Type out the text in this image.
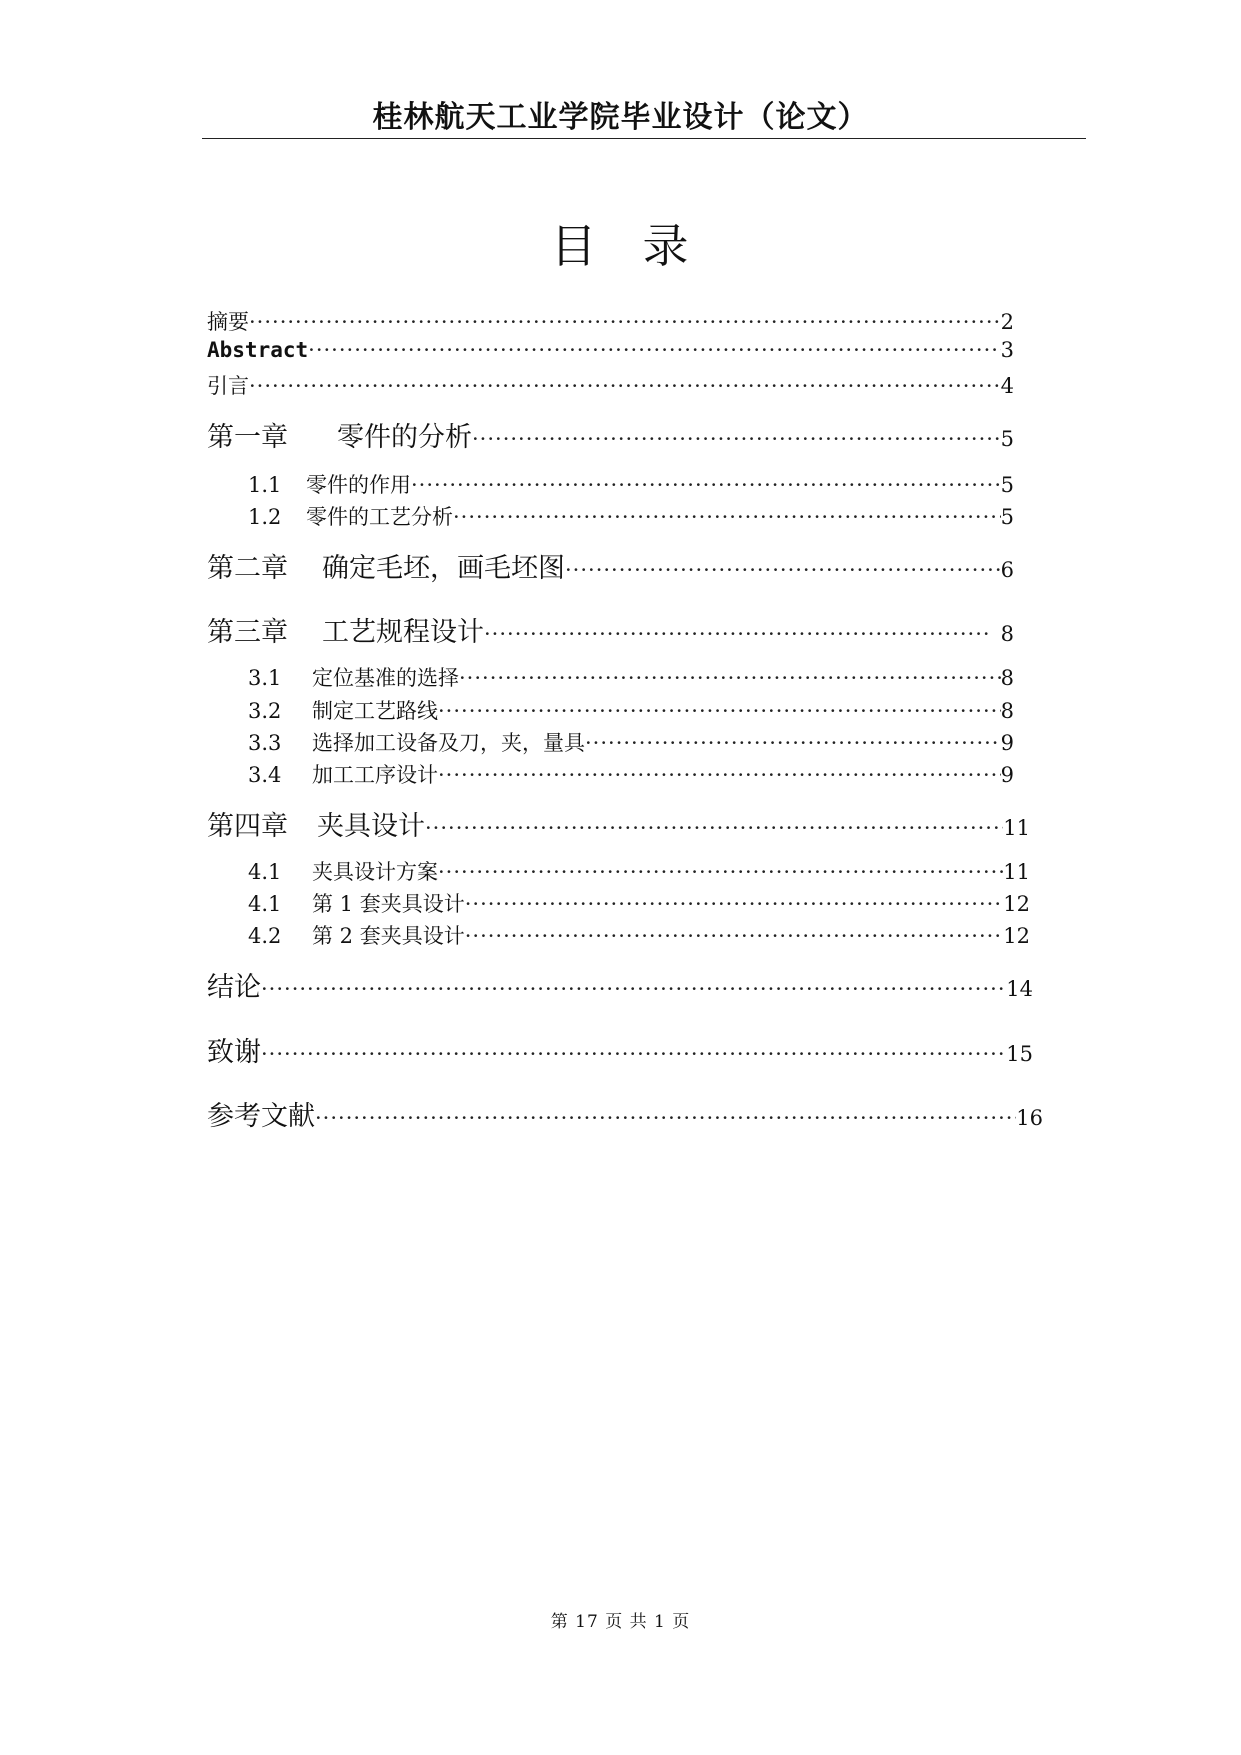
桂林航天工业学院毕业设计（论文）
目 录
摘要 ·····	2
Abstract ·····	3
引言 ·····	4
第一章	零件的分析 ·····	5
1.1	零件的作用 ·····	5
1.2	零件的工艺分析 ·····	5
第二章	确定毛坯，画毛坯图 ·····	6
第三章	工艺规程设计 ·····	8
3.1	定位基准的选择 ·····	8
3.2	制定工艺路线 ·····	8
3.3	选择加工设备及刀，夹，量具 ·····	9
3.4	加工工序设计 ·····	9
第四章	夹具设计 ·····	11
4.1	夹具设计方案 ·····	11
4.1	第 1 套夹具设计 ·····	12
4.2	第 2 套夹具设计 ·····	12
结论 ·····	14
致谢 ·····	15
参考文献 ·····	16
第 17 页 共 1 页
